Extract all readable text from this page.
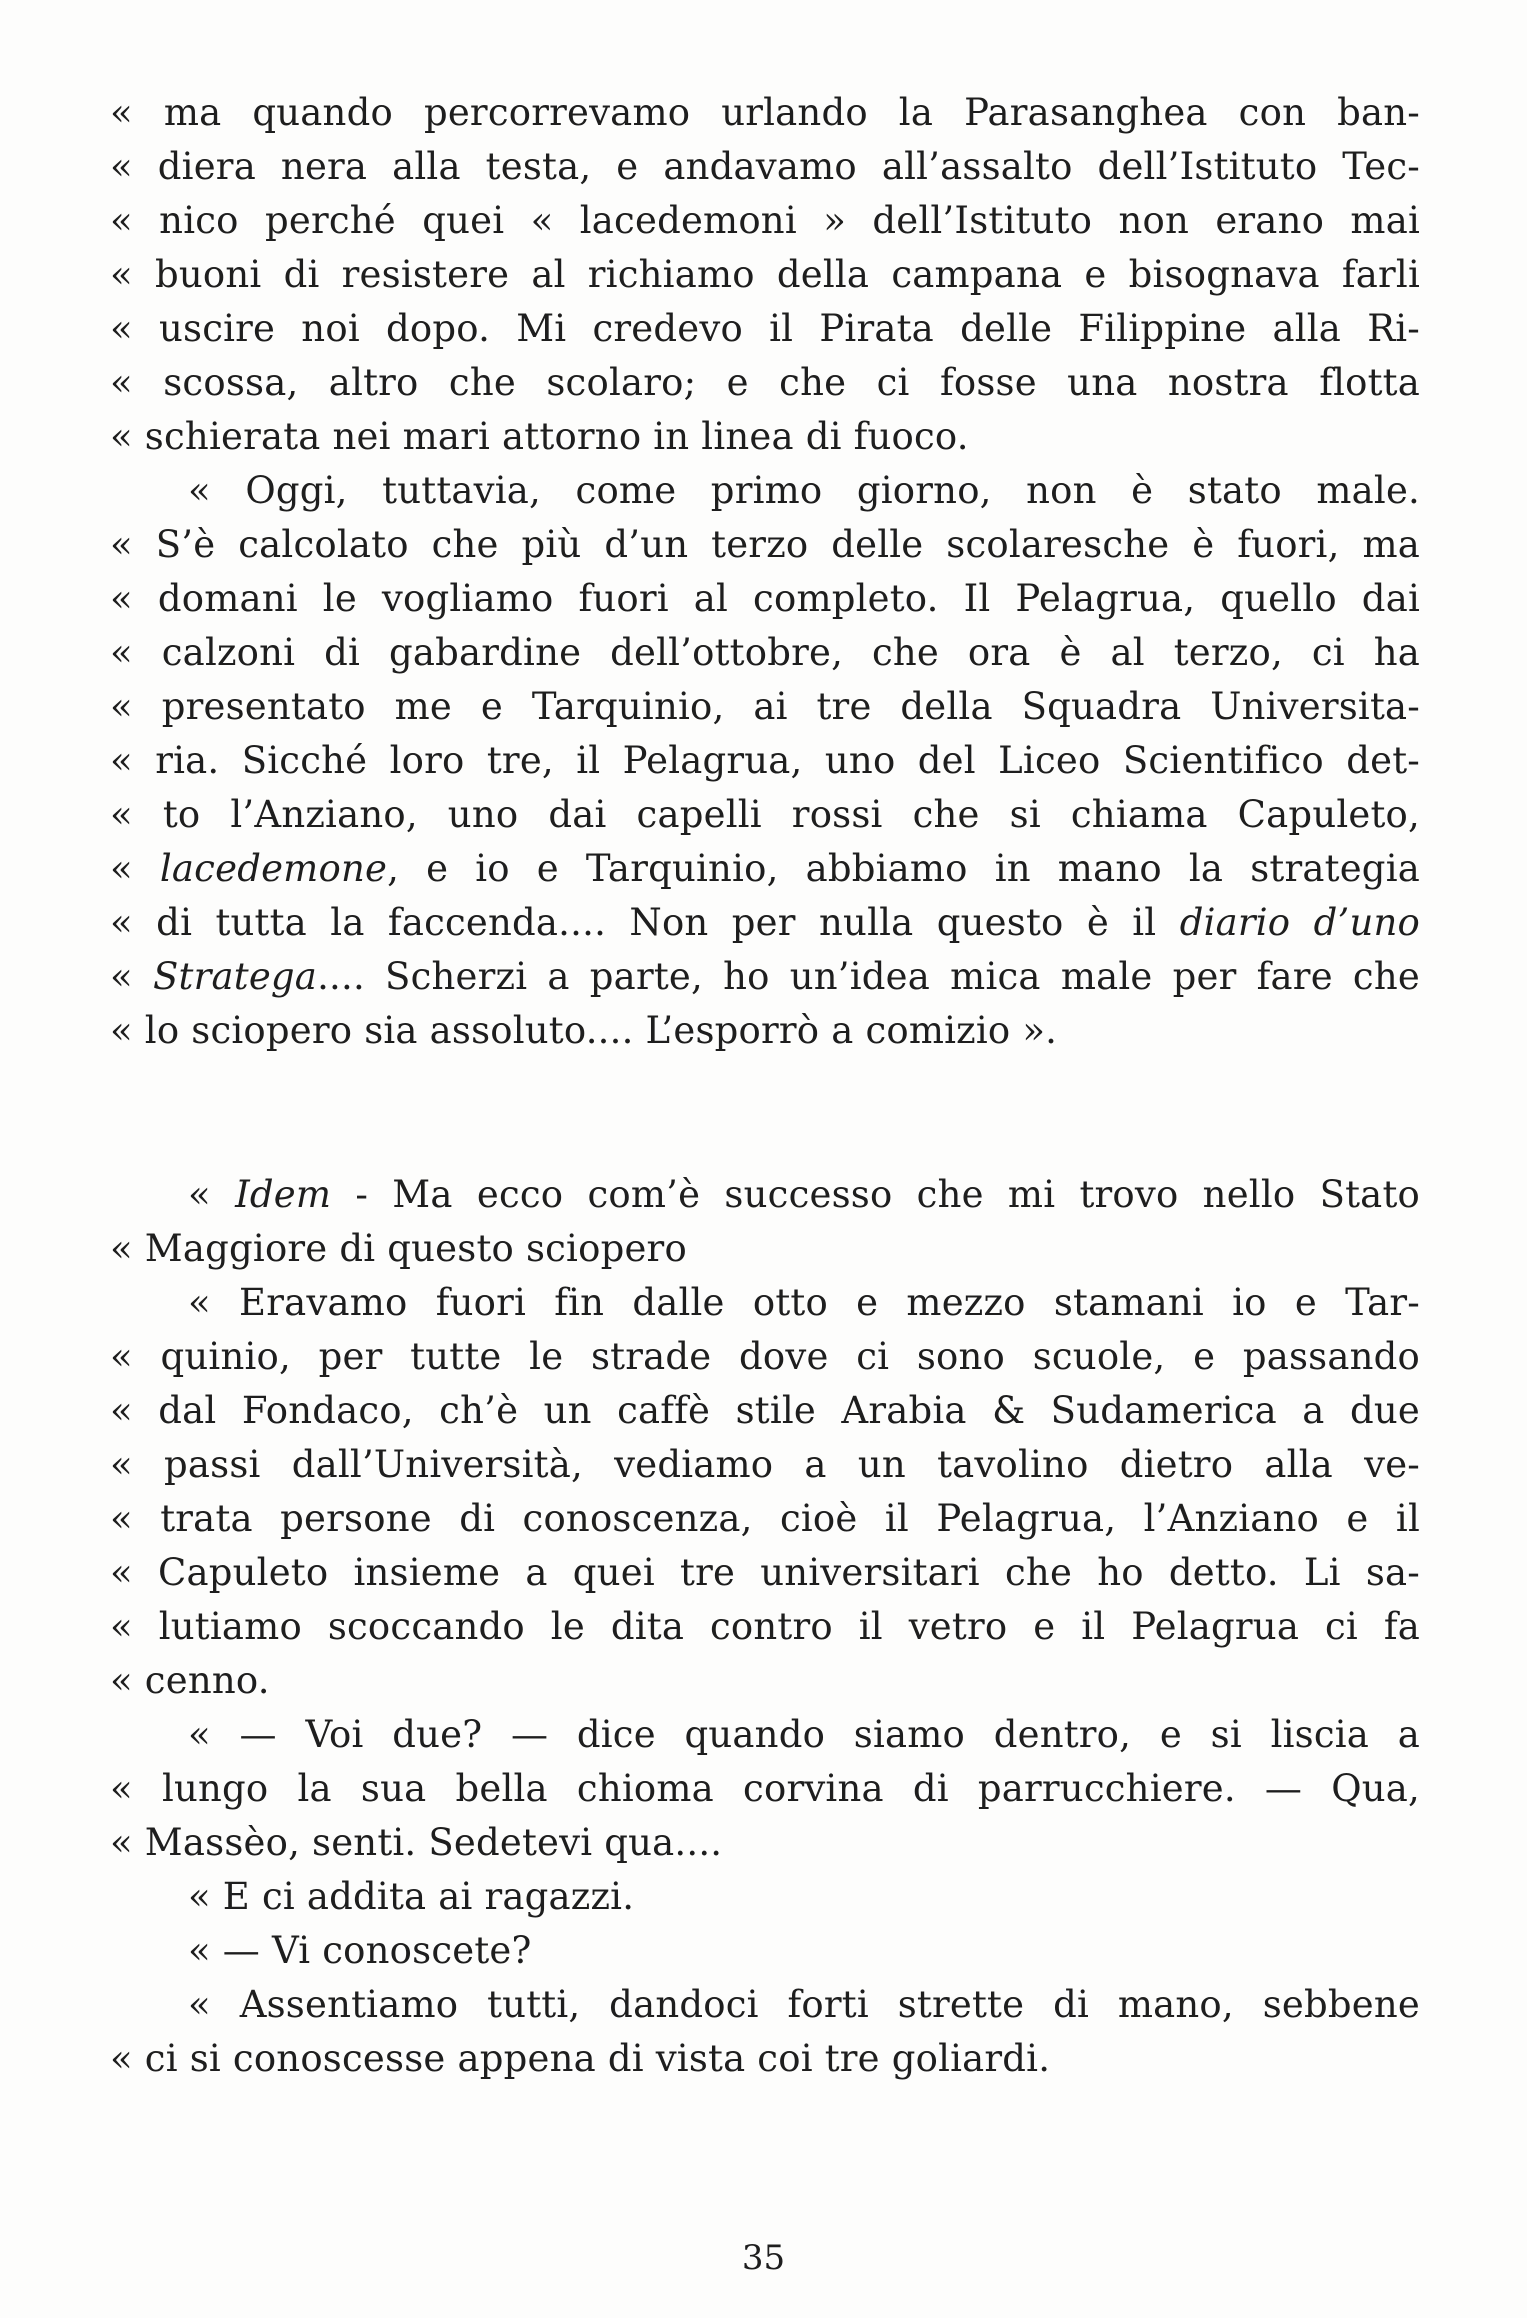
« ma quando percorrevamo urlando la Parasanghea con ban-
« diera nera alla testa, e andavamo all’assalto dell’Istituto Tec-
« nico perché quei « lacedemoni » dell’Istituto non erano mai
« buoni di resistere al richiamo della campana e bisognava farli
« uscire noi dopo. Mi credevo il Pirata delle Filippine alla Ri-
« scossa, altro che scolaro; e che ci fosse una nostra flotta
« schierata nei mari attorno in linea di fuoco.
« Oggi, tuttavia, come primo giorno, non è stato male.
« S’è calcolato che più d’un terzo delle scolaresche è fuori, ma
« domani le vogliamo fuori al completo. Il Pelagrua, quello dai
« calzoni di gabardine dell’ottobre, che ora è al terzo, ci ha
« presentato me e Tarquinio, ai tre della Squadra Universita-
« ria. Sicché loro tre, il Pelagrua, uno del Liceo Scientifico det-
« to l’Anziano, uno dai capelli rossi che si chiama Capuleto,
« lacedemone, e io e Tarquinio, abbiamo in mano la strategia
« di tutta la faccenda.... Non per nulla questo è il diario d’uno
« Stratega.... Scherzi a parte, ho un’idea mica male per fare che
« lo sciopero sia assoluto.... L’esporrò a comizio ».
« Idem - Ma ecco com’è successo che mi trovo nello Stato
« Maggiore di questo sciopero
« Eravamo fuori fin dalle otto e mezzo stamani io e Tar-
« quinio, per tutte le strade dove ci sono scuole, e passando
« dal Fondaco, ch’è un caffè stile Arabia & Sudamerica a due
« passi dall’Università, vediamo a un tavolino dietro alla ve-
« trata persone di conoscenza, cioè il Pelagrua, l’Anziano e il
« Capuleto insieme a quei tre universitari che ho detto. Li sa-
« lutiamo scoccando le dita contro il vetro e il Pelagrua ci fa
« cenno.
« — Voi due? — dice quando siamo dentro, e si liscia a
« lungo la sua bella chioma corvina di parrucchiere. — Qua,
« Massèo, senti. Sedetevi qua....
« E ci addita ai ragazzi.
« — Vi conoscete?
« Assentiamo tutti, dandoci forti strette di mano, sebbene
« ci si conoscesse appena di vista coi tre goliardi.
35
